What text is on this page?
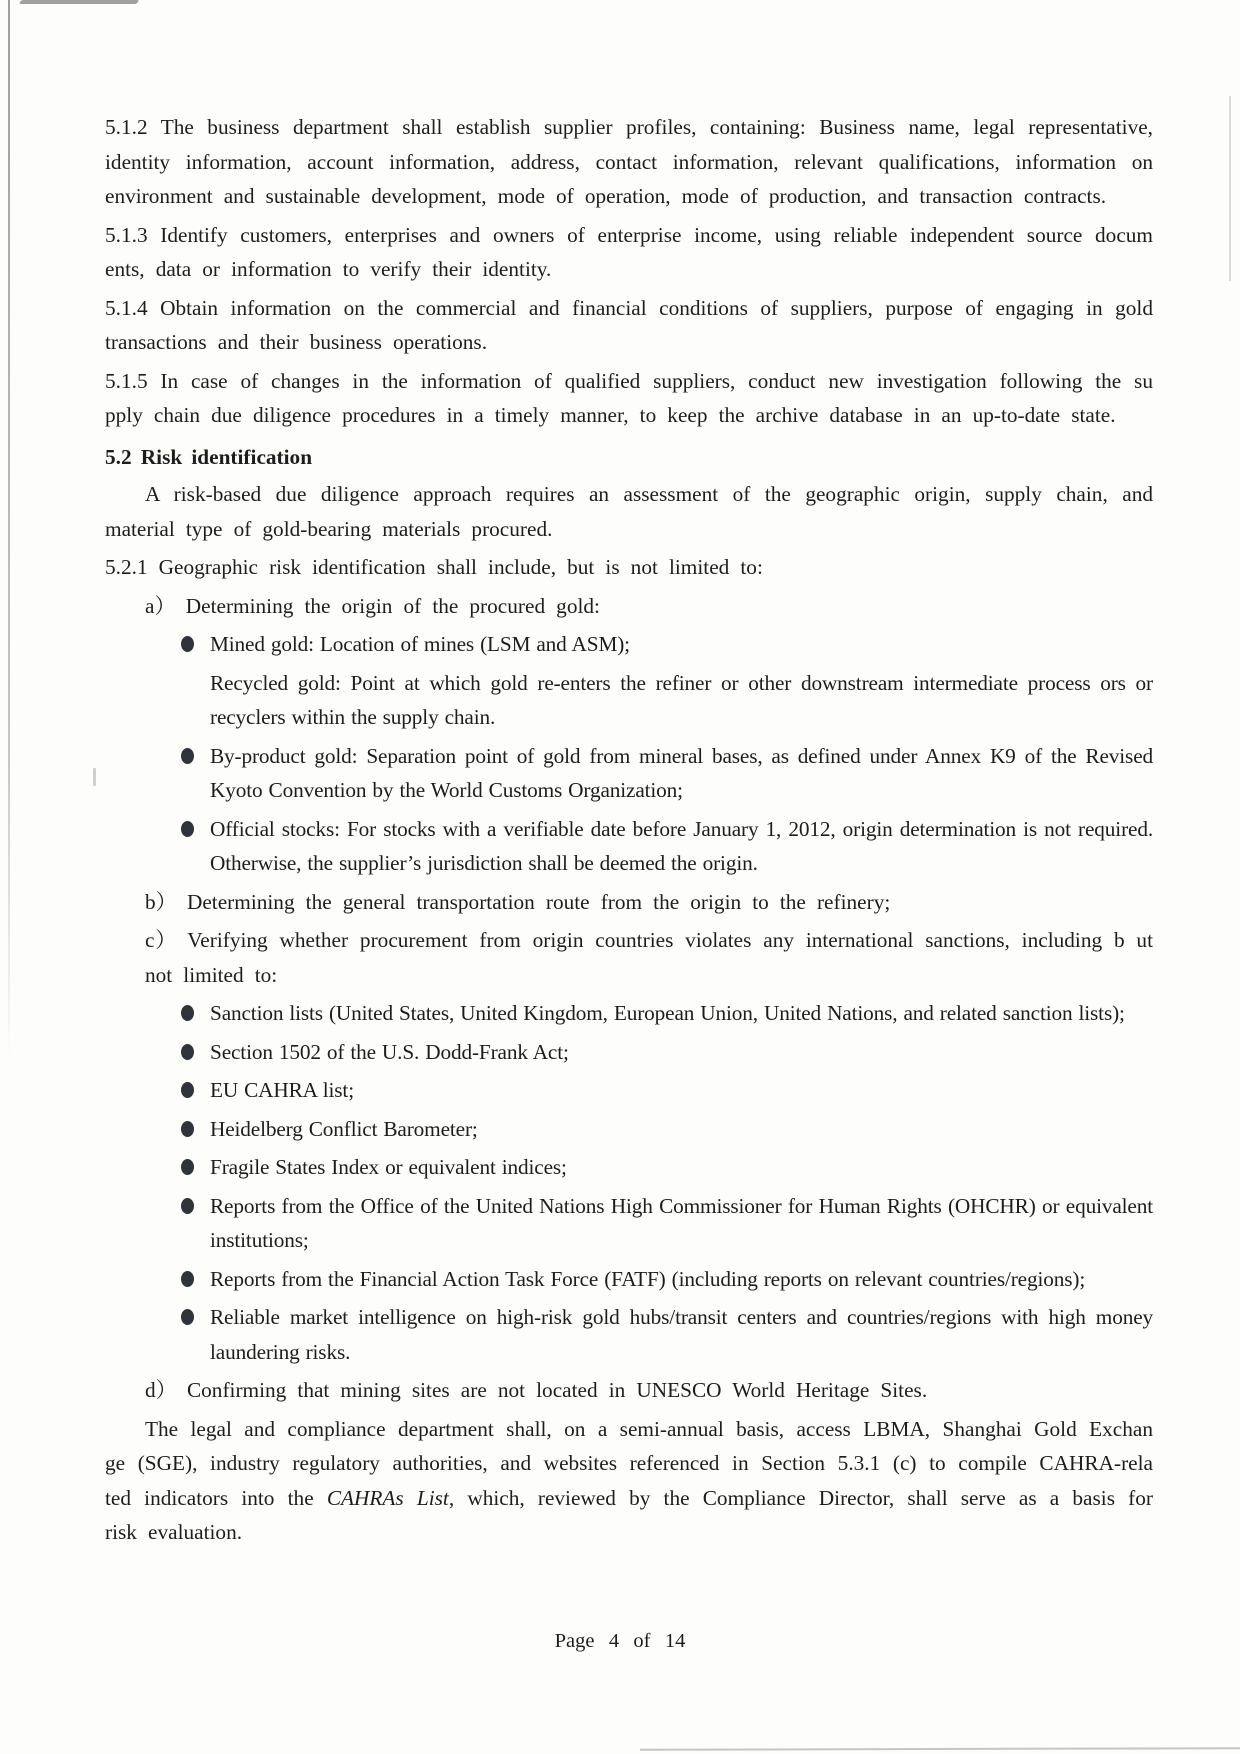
5.1.2 The business department shall establish supplier profiles, containing: Business name, legal representative, identity information, account information, address, contact information, relevant qualifications, information on environment and sustainable development, mode of operation, mode of production, and transaction contracts.

5.1.3 Identify customers, enterprises and owners of enterprise income, using reliable independent source docum ents, data or information to verify their identity.

5.1.4 Obtain information on the commercial and financial conditions of suppliers, purpose of engaging in gold transactions and their business operations.

5.1.5 In case of changes in the information of qualified suppliers, conduct new investigation following the su pply chain due diligence procedures in a timely manner, to keep the archive database in an up-to-date state.

5.2 Risk identification

A risk-based due diligence approach requires an assessment of the geographic origin, supply chain, and material type of gold-bearing materials procured.

5.2.1 Geographic risk identification shall include, but is not limited to:

a） Determining the origin of the procured gold:

Mined gold: Location of mines (LSM and ASM);
Recycled gold: Point at which gold re-enters the refiner or other downstream intermediate process ors or recyclers within the supply chain.
By-product gold: Separation point of gold from mineral bases, as defined under Annex K9 of the Revised Kyoto Convention by the World Customs Organization;
Official stocks: For stocks with a verifiable date before January 1, 2012, origin determination is not required. Otherwise, the supplier’s jurisdiction shall be deemed the origin.

b） Determining the general transportation route from the origin to the refinery;

c） Verifying whether procurement from origin countries violates any international sanctions, including b ut not limited to:

Sanction lists (United States, United Kingdom, European Union, United Nations, and related sanction lists);
Section 1502 of the U.S. Dodd-Frank Act;
EU CAHRA list;
Heidelberg Conflict Barometer;
Fragile States Index or equivalent indices;
Reports from the Office of the United Nations High Commissioner for Human Rights (OHCHR) or equivalent institutions;
Reports from the Financial Action Task Force (FATF) (including reports on relevant countries/regions);
Reliable market intelligence on high-risk gold hubs/transit centers and countries/regions with high money laundering risks.

d） Confirming that mining sites are not located in UNESCO World Heritage Sites.

The legal and compliance department shall, on a semi-annual basis, access LBMA, Shanghai Gold Exchan ge (SGE), industry regulatory authorities, and websites referenced in Section 5.3.1 (c) to compile CAHRA-rela ted indicators into the CAHRAs List, which, reviewed by the Compliance Director, shall serve as a basis for risk evaluation.

Page 4 of 14
